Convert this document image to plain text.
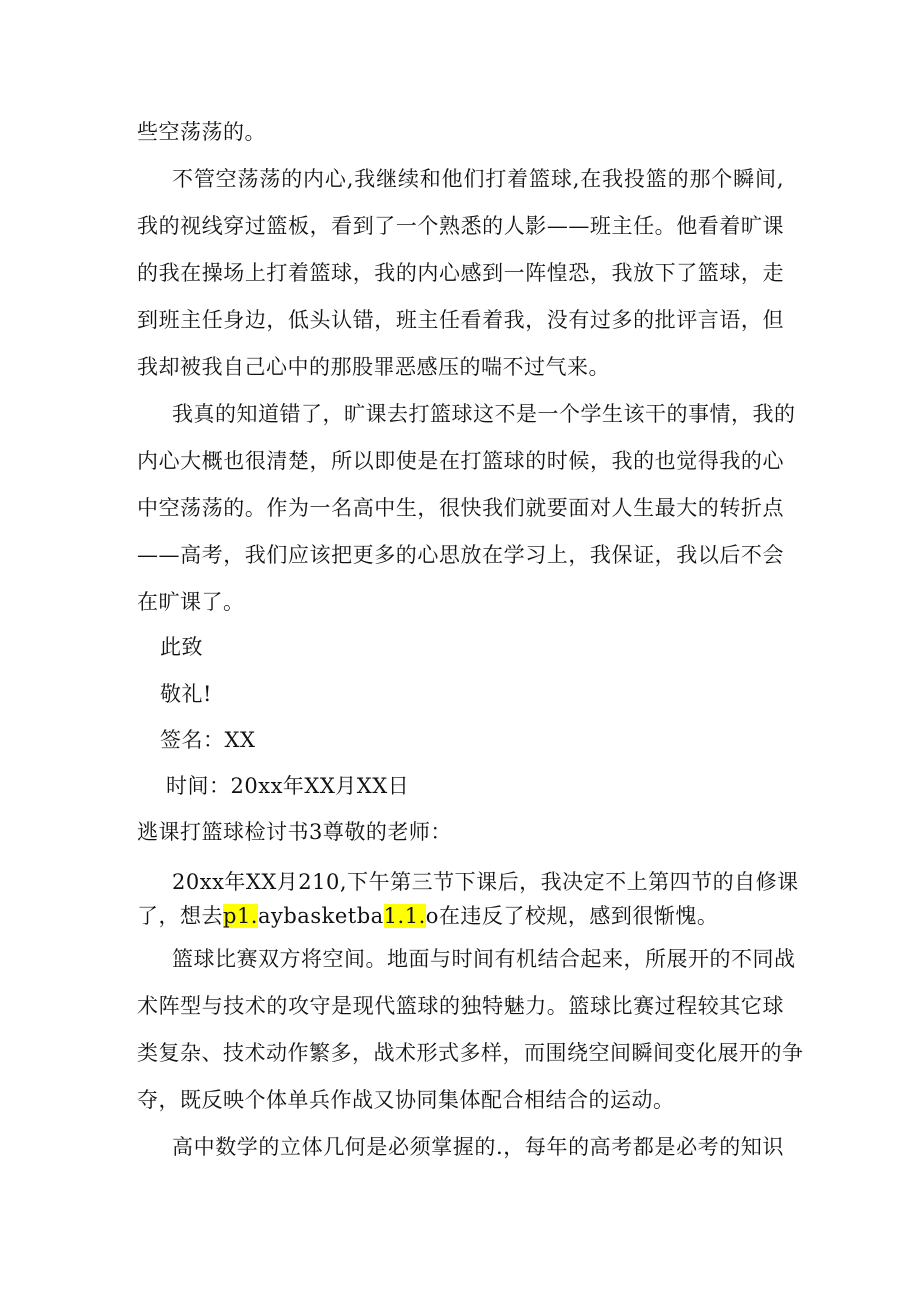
些空荡荡的。
不管空荡荡的内心,我继续和他们打着篮球,在我投篮的那个瞬间,
我的视线穿过篮板，看到了一个熟悉的人影——班主任。他看着旷课
的我在操场上打着篮球，我的内心感到一阵惶恐，我放下了篮球，走
到班主任身边，低头认错，班主任看着我，没有过多的批评言语，但
我却被我自己心中的那股罪恶感压的喘不过气来。
我真的知道错了，旷课去打篮球这不是一个学生该干的事情，我的
内心大概也很清楚，所以即使是在打篮球的时候，我的也觉得我的心
中空荡荡的。作为一名高中生，很快我们就要面对人生最大的转折点
——高考，我们应该把更多的心思放在学习上，我保证，我以后不会
在旷课了。
此致
敬礼!
签名：XX
时间：20xx年XX月XX日
逃课打篮球检讨书3尊敬的老师：
20xx年XX月210,下午第三节下课后，我决定不上第四节的自修课
了，想去p1.aybasketba1.1.o在违反了校规，感到很惭愧。
篮球比赛双方将空间。地面与时间有机结合起来，所展开的不同战
术阵型与技术的攻守是现代篮球的独特魅力。篮球比赛过程较其它球
类复杂、技术动作繁多，战术形式多样，而围绕空间瞬间变化展开的争
夺，既反映个体单兵作战又协同集体配合相结合的运动。
高中数学的立体几何是必须掌握的.，每年的高考都是必考的知识
